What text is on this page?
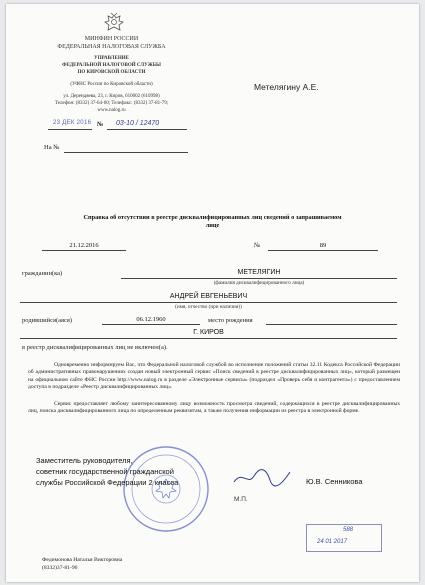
МИНФИН РОССИИ
ФЕДЕРАЛЬНАЯ НАЛОГОВАЯ СЛУЖБА
УПРАВЛЕНИЕ
ФЕДЕРАЛЬНОЙ НАЛОГОВОЙ СЛУЖБЫ
ПО КИРОВСКОЙ ОБЛАСТИ
(УФНС России по Кировской области)
ул. Дерендяева, 23, г. Киров, 610002 (610998)
Телефон: (8332) 37-64-00; Телефакс: (8332) 37-81-79;
www.nalog.ru
23 ДЕК 2016 № 03-10 / 12470
На №
Метелягину А.Е.
Справка об отсутствии в реестре дисквалифицированных лиц сведений о запрашиваемом
лице
21.12.2016	№	89
гражданин(ка)	МЕТЕЛЯГИН
(фамилия дисквалифицированного лица)
АНДРЕЙ ЕВГЕНЬЕВИЧ
(имя, отчество (при наличии))
родившийся(аяся)	06.12.1960	место рождения
Г. КИРОВ
в реестр дисквалифицированных лиц не включен(а).
Одновременно информируем Вас, что Федеральной налоговой службой во исполнение положений статьи 32.11 Кодекса Российской Федерации об административных правонарушениях создан новый электронный сервис «Поиск сведений в реестре дисквалифицированных лиц», который размещен на официальном сайте ФНС России http://www.nalog.ru в разделе «Электронные сервисы» (подраздел «Проверь себя и контрагента») с предоставлением доступа в подразделе «Реестр дисквалифицированных лиц».
Сервис предоставляет любому заинтересованному лицу возможность просмотра сведений, содержащихся в реестре дисквалифицированных лиц, поиска дисквалифицированного лица по определенным реквизитам, а также получения информации из реестра в электронной форме.
Заместитель руководителя,
советник государственной гражданской
службы Российской Федерации 2 класса	Ю.В. Сенникова
М.П.
Федимонова Наталья Викторовна
(8332)37-81-96
588
24 01 2017
